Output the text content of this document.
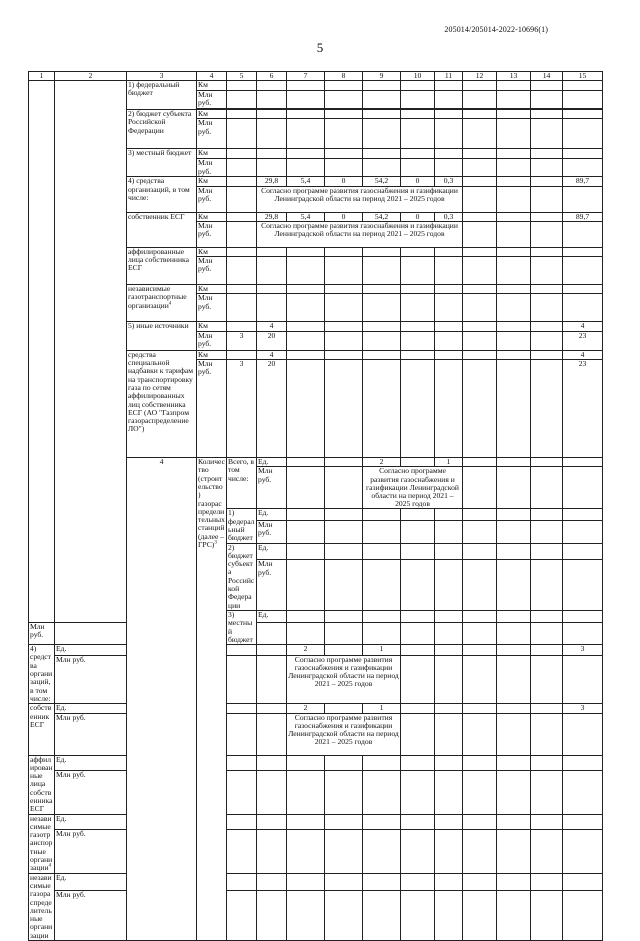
205014/205014-2022-10696(1)
5
1	2	3	4	5	6	7	8	9	10	11	12	13	14	15	
		1) федеральный бюджет	Км												
			Млн руб.												

		2) бюджет субъекта Российской Федерации	Км												
			Млн руб.												
		3) местный бюджет	Км												
			Млн руб.												
		4) средства организаций, в том числе:	Км		29,8	5,4	0	54,2	0	0,3				89,7	
			Млн руб.		Согласно программе развития газоснабжения и газификации Ленинградской области на период 2021 – 2025 годов										
		собственник ЕСГ	Км		29,8	5,4	0	54,2	0	0,3				89,7	
			Млн руб.		Согласно программе развития газоснабжения и газификации Ленинградской области на период 2021 – 2025 годов										
		аффилированные лица собственника ЕСГ	Км												
			Млн руб.												
		независимые газотранспортные организации$^4$	Км												
			Млн руб.												
		5) иные источники	Км		4									4	
			Млн руб.	3	20									23	
		средства специальной надбавки к тарифам на транспортировку газа по сетям аффилированных лиц собственника ЕСГ (АО "Газпром газораспределение ЛО")	Км		4									4	
			Млн руб.	3	20									23	
		4	Количество (строительство) газораспределительных станций (далее – ГРС)$^3$	Всего, в том числе:	Ед.			2		1						
					Млн руб.			Согласно программе развития газоснабжения и газификации Ленинградской области на период 2021 – 2025 годов							
				1) федеральный бюджет	Ед.											
					Млн руб.											
				2) бюджет субъекта Российской Федерации	Ед.											
					Млн руб.											
				3) местный бюджет	Ед.											
Млн руб.															
4) средства организаций, в том числе:	Ед.					2		1						3	
	Млн руб.					Согласно программе развития газоснабжения и газификации Ленинградской области на период 2021 – 2025 годов									
собственник ЕСГ	Ед.					2		1						3	
	Млн руб.					Согласно программе развития газоснабжения и газификации Ленинградской области на период 2021 – 2025 годов									
аффилированные лица собственника ЕСГ	Ед.														
	Млн руб.														
независимые газотранспортные организации$^4$	Ед.														
	Млн руб.														
независимые газораспределительные организации	Ед.														
	Млн руб.														
